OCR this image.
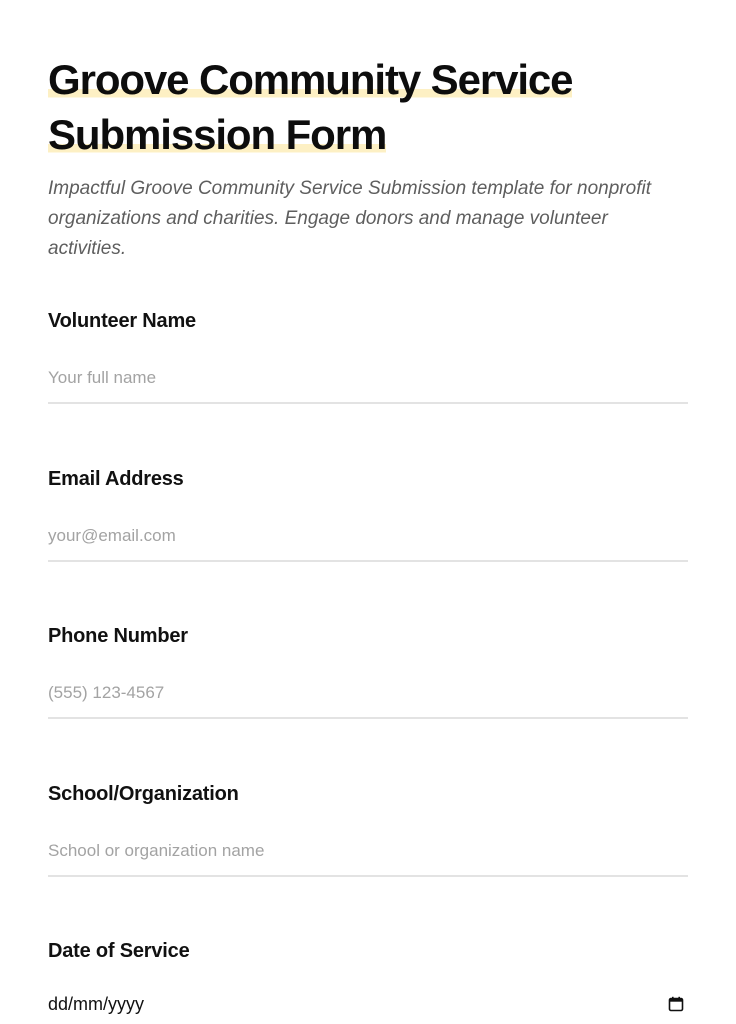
Groove Community Service
Submission Form

Impactful Groove Community Service Submission template for nonprofit organizations and charities. Engage donors and manage volunteer activities.

Volunteer Name
Your full name
Email Address
your@email.com
Phone Number
(555) 123-4567
School/Organization
School or organization name
Date of Service
dd/mm/yyyy
